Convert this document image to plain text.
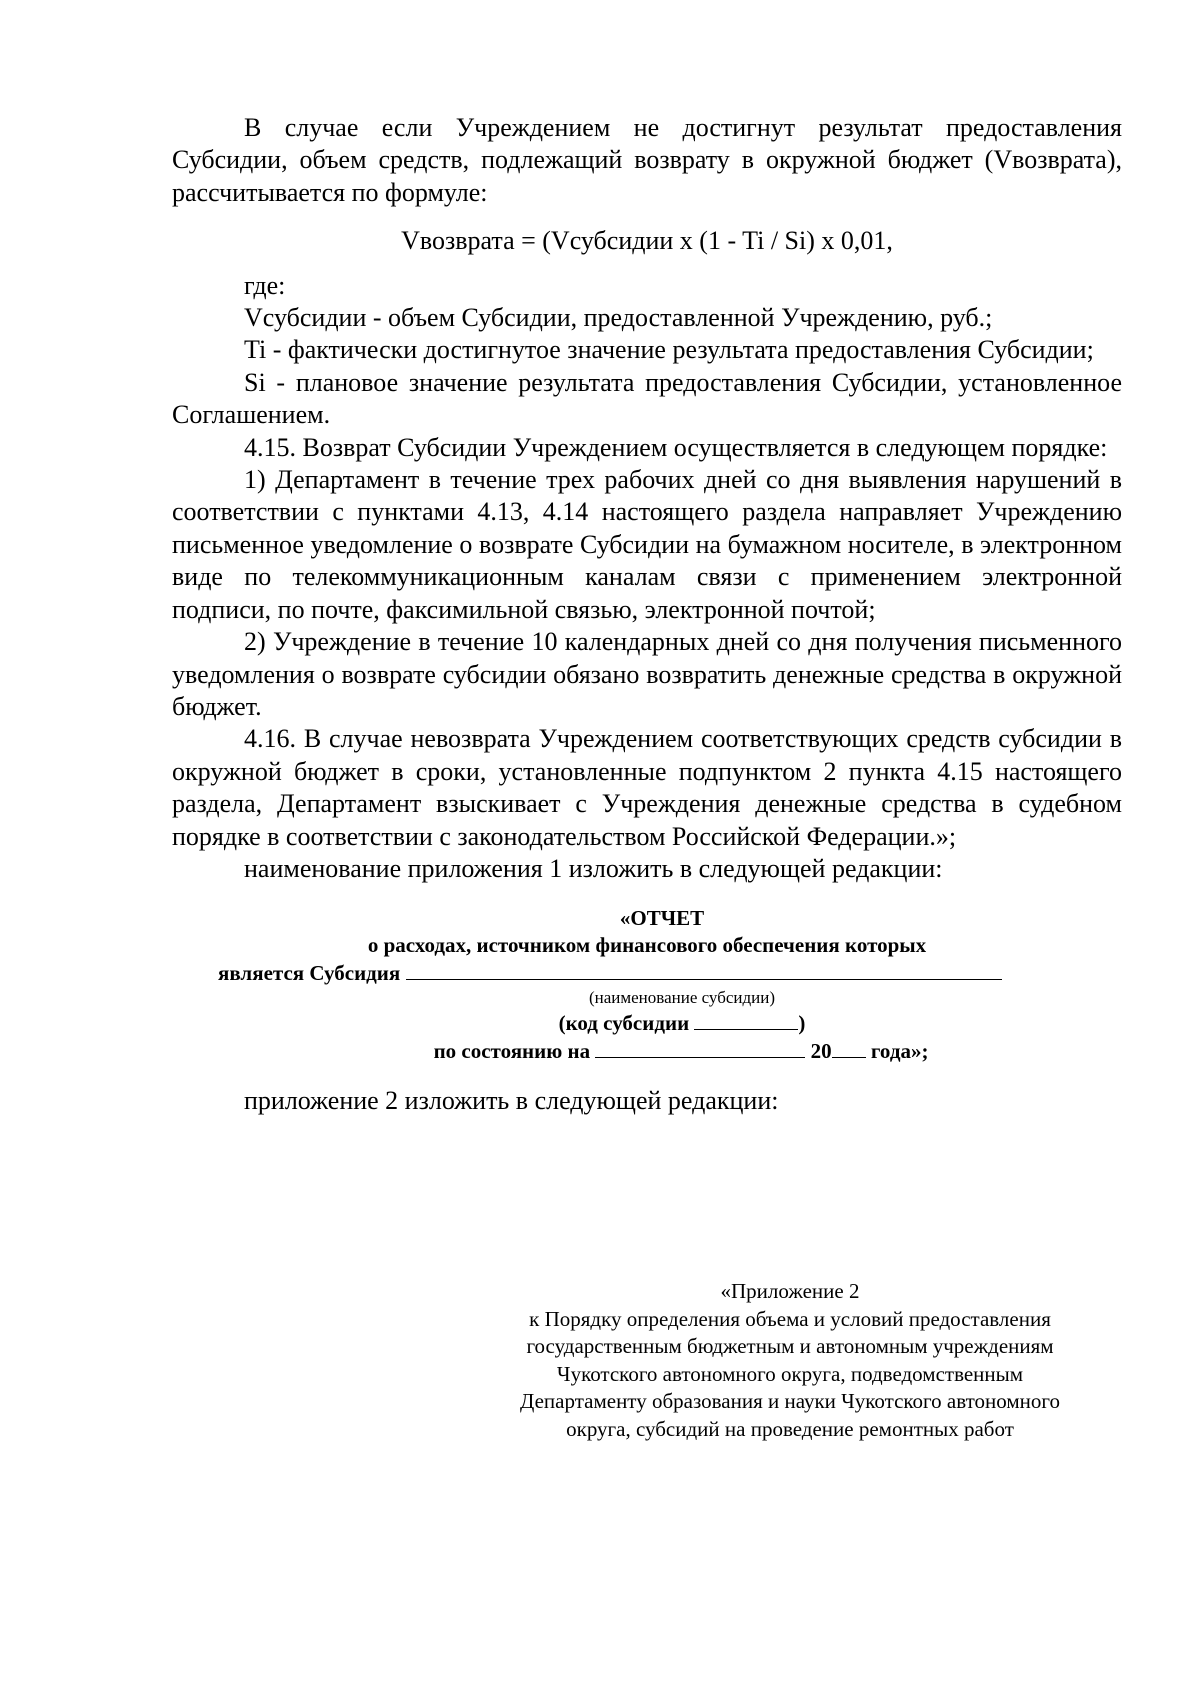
В случае если Учреждением не достигнут результат предоставления Субсидии, объем средств, подлежащий возврату в окружной бюджет (Vвозврата), рассчитывается по формуле:

Vвозврата = (Vсубсидии x (1 - Ti / Si) x 0,01,

где:

Vсубсидии - объем Субсидии, предоставленной Учреждению, руб.;

Ti - фактически достигнутое значение результата предоставления Субсидии;

Si - плановое значение результата предоставления Субсидии, установленное Соглашением.

4.15. Возврат Субсидии Учреждением осуществляется в следующем порядке:

1) Департамент в течение трех рабочих дней со дня выявления нарушений в соответствии с пунктами 4.13, 4.14 настоящего раздела направляет Учреждению письменное уведомление о возврате Субсидии на бумажном носителе, в электронном виде по телекоммуникационным каналам связи с применением электронной подписи, по почте, факсимильной связью, электронной почтой;

2) Учреждение в течение 10 календарных дней со дня получения письменного уведомления о возврате субсидии обязано возвратить денежные средства в окружной бюджет.

4.16. В случае невозврата Учреждением соответствующих средств субсидии в окружной бюджет в сроки, установленные подпунктом 2 пункта 4.15 настоящего раздела, Департамент взыскивает с Учреждения денежные средства в судебном порядке в соответствии с законодательством Российской Федерации.»;

наименование приложения 1 изложить в следующей редакции:

«ОТЧЕТ

о расходах, источником финансового обеспечения которых

является Субсидия

(наименование субсидии)

(код субсидии	)

по состоянию на	20 года»;

приложение 2 изложить в следующей редакции:

«Приложение 2

к Порядку определения объема и условий предоставления

государственным бюджетным и автономным учреждениям

Чукотского автономного округа, подведомственным

Департаменту образования и науки Чукотского автономного

округа, субсидий на проведение ремонтных работ
